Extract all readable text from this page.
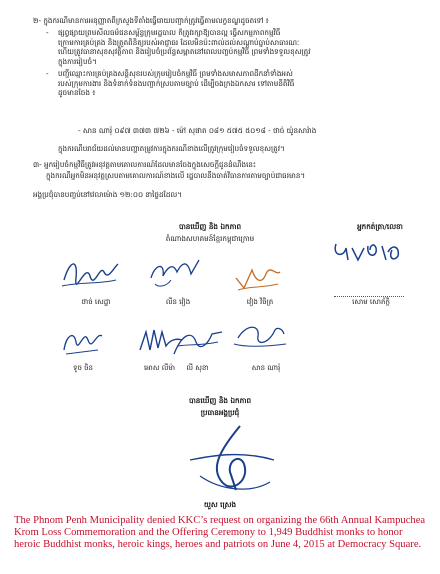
២- ក្នុងករណីមានការអនុញ្ញាតពីក្រសួងទីតាំងធ្វើរោយបញ្ជាក់ត្រូវធ្វើតាមលក្ខខណ្ឌដូចតទៅ ៖
- ផ្សព្វផ្សាយព្រមសីលធម៌ជនសម្ព័ន្ធក្រុមរដ្ឋបាល ក៏ត្រូវរក្សាឱ្យបានល្អ ធ្វើសកម្មភាពកម្មវិធី
ក្រោមការគ្រប់គ្រង និងត្រួតពិនិត្យរបស់អាជ្ញាធរ ដែលមិនប៉ះពាល់ដល់សណ្តាប់ធ្នាប់សាធារណៈ
ហើយត្រូវធានាសុខសុវត្ថិភាព និងរៀបចំប្រព័ន្ធសម្អាតនៅពេលបញ្ចប់កម្មវិធី ព្រមទាំងទទួលខុសត្រូវ
ក្នុងការរៀបចំ។
- បញ្ជីឈ្មោះការគ្រប់គ្រងសន្តិសុខរបស់ក្រុមរៀបចំកម្មវិធី ព្រមទាំងសមាសភាពដឹកនាំទាំងអស់
របស់ក្រុមការងារ និងទំនាក់ទំនងបញ្ជាក់ស្របតាមច្បាប់ ដើម្បីចងក្រងឯកសារ ទៅតាមនីតិវិធី
ដូចមានចែង ៖
- សាន ណារ៉ុ ០៩៧ ៣៧៣ ៧២៦ - ម៉ៅ សុផាត ០៨១ ៥៧៥ ៥០១៨ - ថាច់ យ៉ូនសារ៉ាង
ក្នុងករណីបរាជ័យដល់មានបញ្ហាតម្រូវការក្នុងករណីខាងលើត្រូវក្រុមរៀបចំទទួលខុសត្រូវ។
៣- អ្នករៀបចំកម្មវិធីត្រូវអនុវត្តតាមគោលការណ៍ដែលមានចែងក្នុងសេចក្តីជូនដំណឹងនេះ
ក្នុងករណីអ្នកមិនអនុវត្តស្របតាមគោលការណ៍ខាងលើ រដ្ឋបាលនឹងចាត់វិធានការតាមច្បាប់ជាធរមាន។
អង្គប្រជុំបានបញ្ចប់នៅវេលាម៉ោង ១២:០០ នាថ្ងៃដដែល។
បានឃើញ និង ឯកភាព
តំណាងសហគមន៍ខ្មែរកម្ពុជាក្រោម
អ្នកកត់ត្រា/លេខា
ថាច់ សេដ្ឋា	លីន វៀង	វៀង វិចិត្រ	សោម សោភ័ក្តិ
ទូច ចិន	អោស លីម៉ា	លី សុខា	សាន ណារ៉ុ
បានឃើញ និង ឯកភាព
ប្រធានអង្គប្រជុំ
យួស ស្រេង
The Phnom Penh Municipality denied KKC’s request on organizing the 66th Annual Kampuchea Krom Loss Commemoration and the Offering Ceremony to 1,949 Buddhist monks to honor heroic Buddhist monks, heroic kings, heroes and patriots on June 4, 2015 at Democracy Square.
